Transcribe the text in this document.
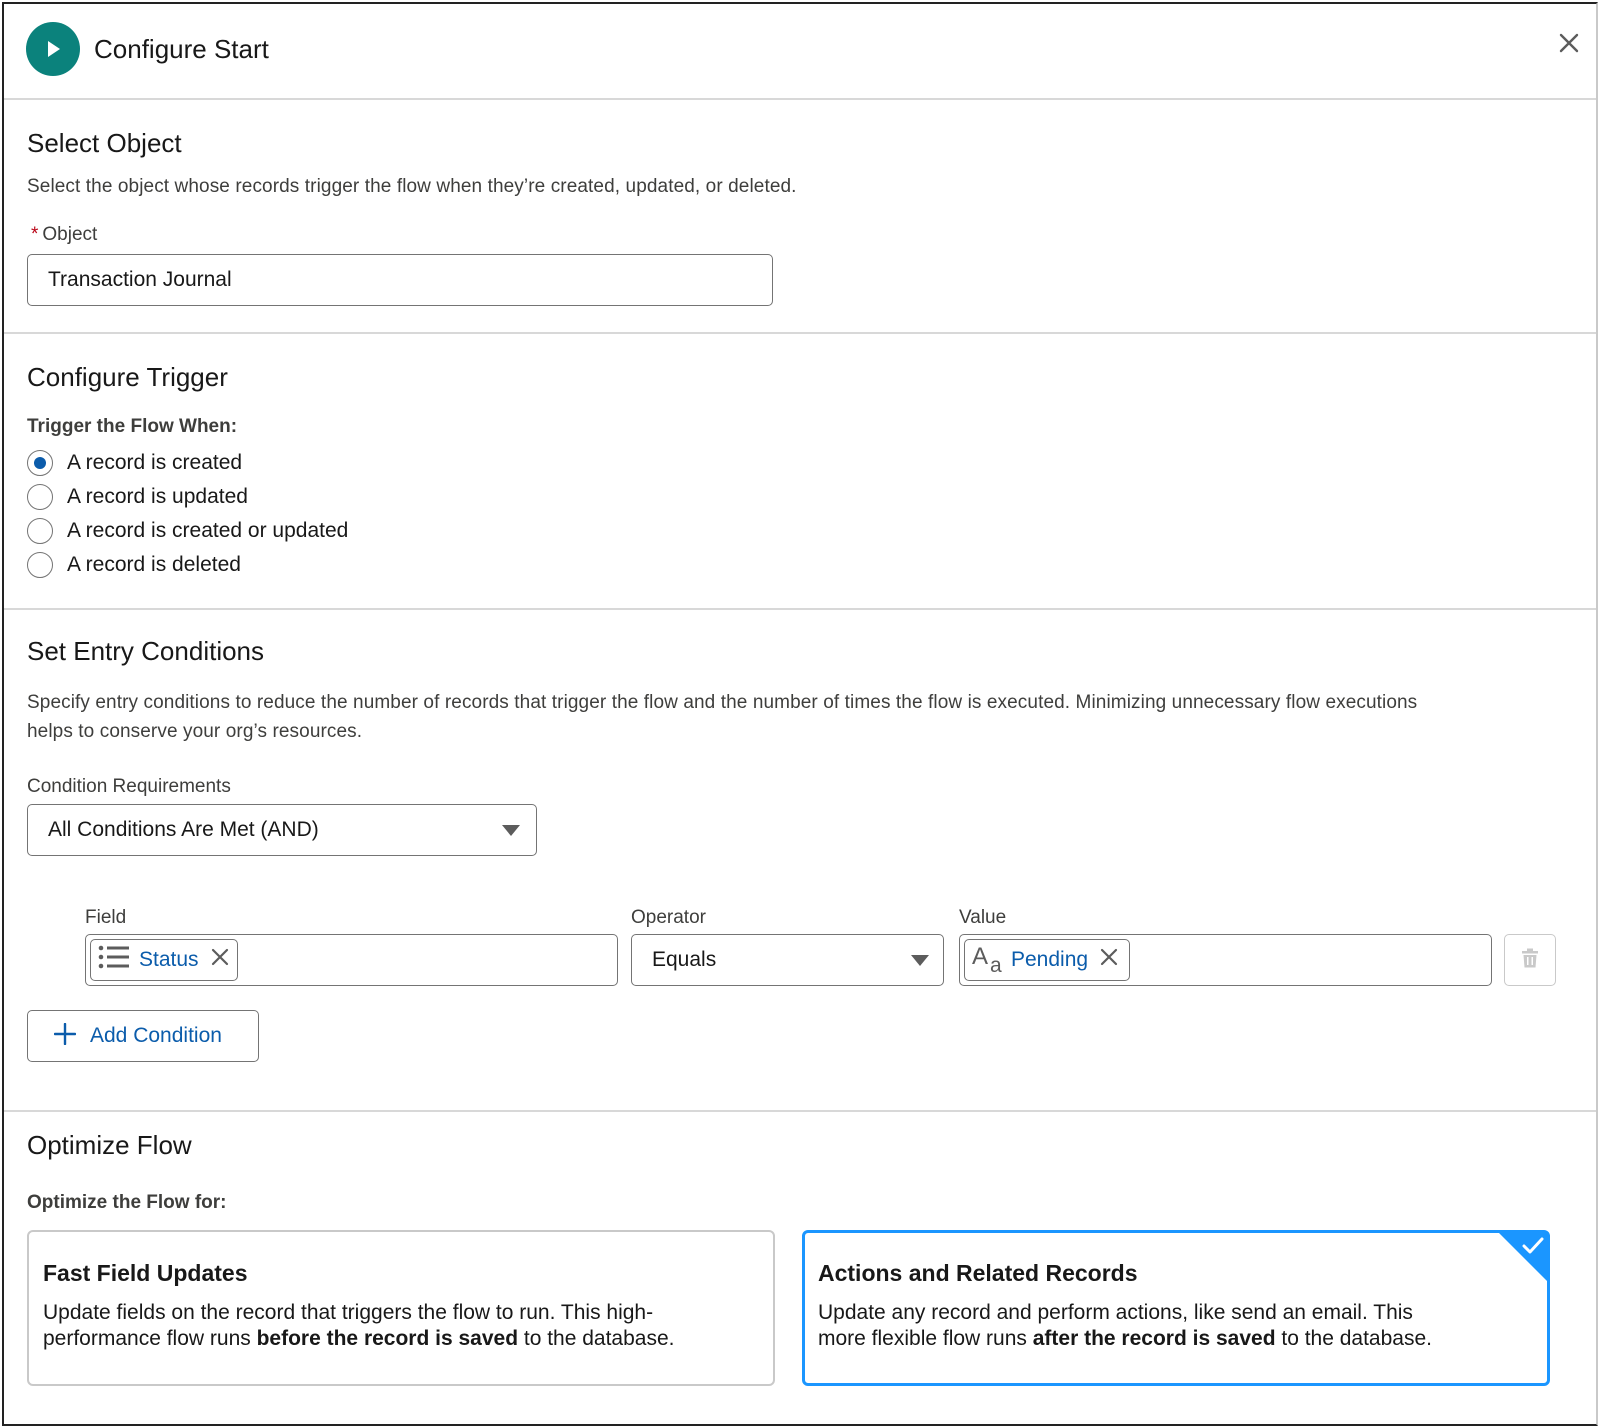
Configure Start
Select Object
Select the object whose records trigger the flow when they’re created, updated, or deleted.
* Object
Transaction Journal
Configure Trigger
Trigger the Flow When:
A record is created
A record is updated
A record is created or updated
A record is deleted
Set Entry Conditions
Specify entry conditions to reduce the number of records that trigger the flow and the number of times the flow is executed. Minimizing unnecessary flow executions
helps to conserve your org’s resources.
Condition Requirements
All Conditions Are Met (AND)
Field	Operator	Value
Status	Equals	A a Pending
Add Condition
Optimize Flow
Optimize the Flow for:
Fast Field Updates
Update fields on the record that triggers the flow to run. This high-
performance flow runs before the record is saved to the database.
Actions and Related Records
Update any record and perform actions, like send an email. This
more flexible flow runs after the record is saved to the database.
